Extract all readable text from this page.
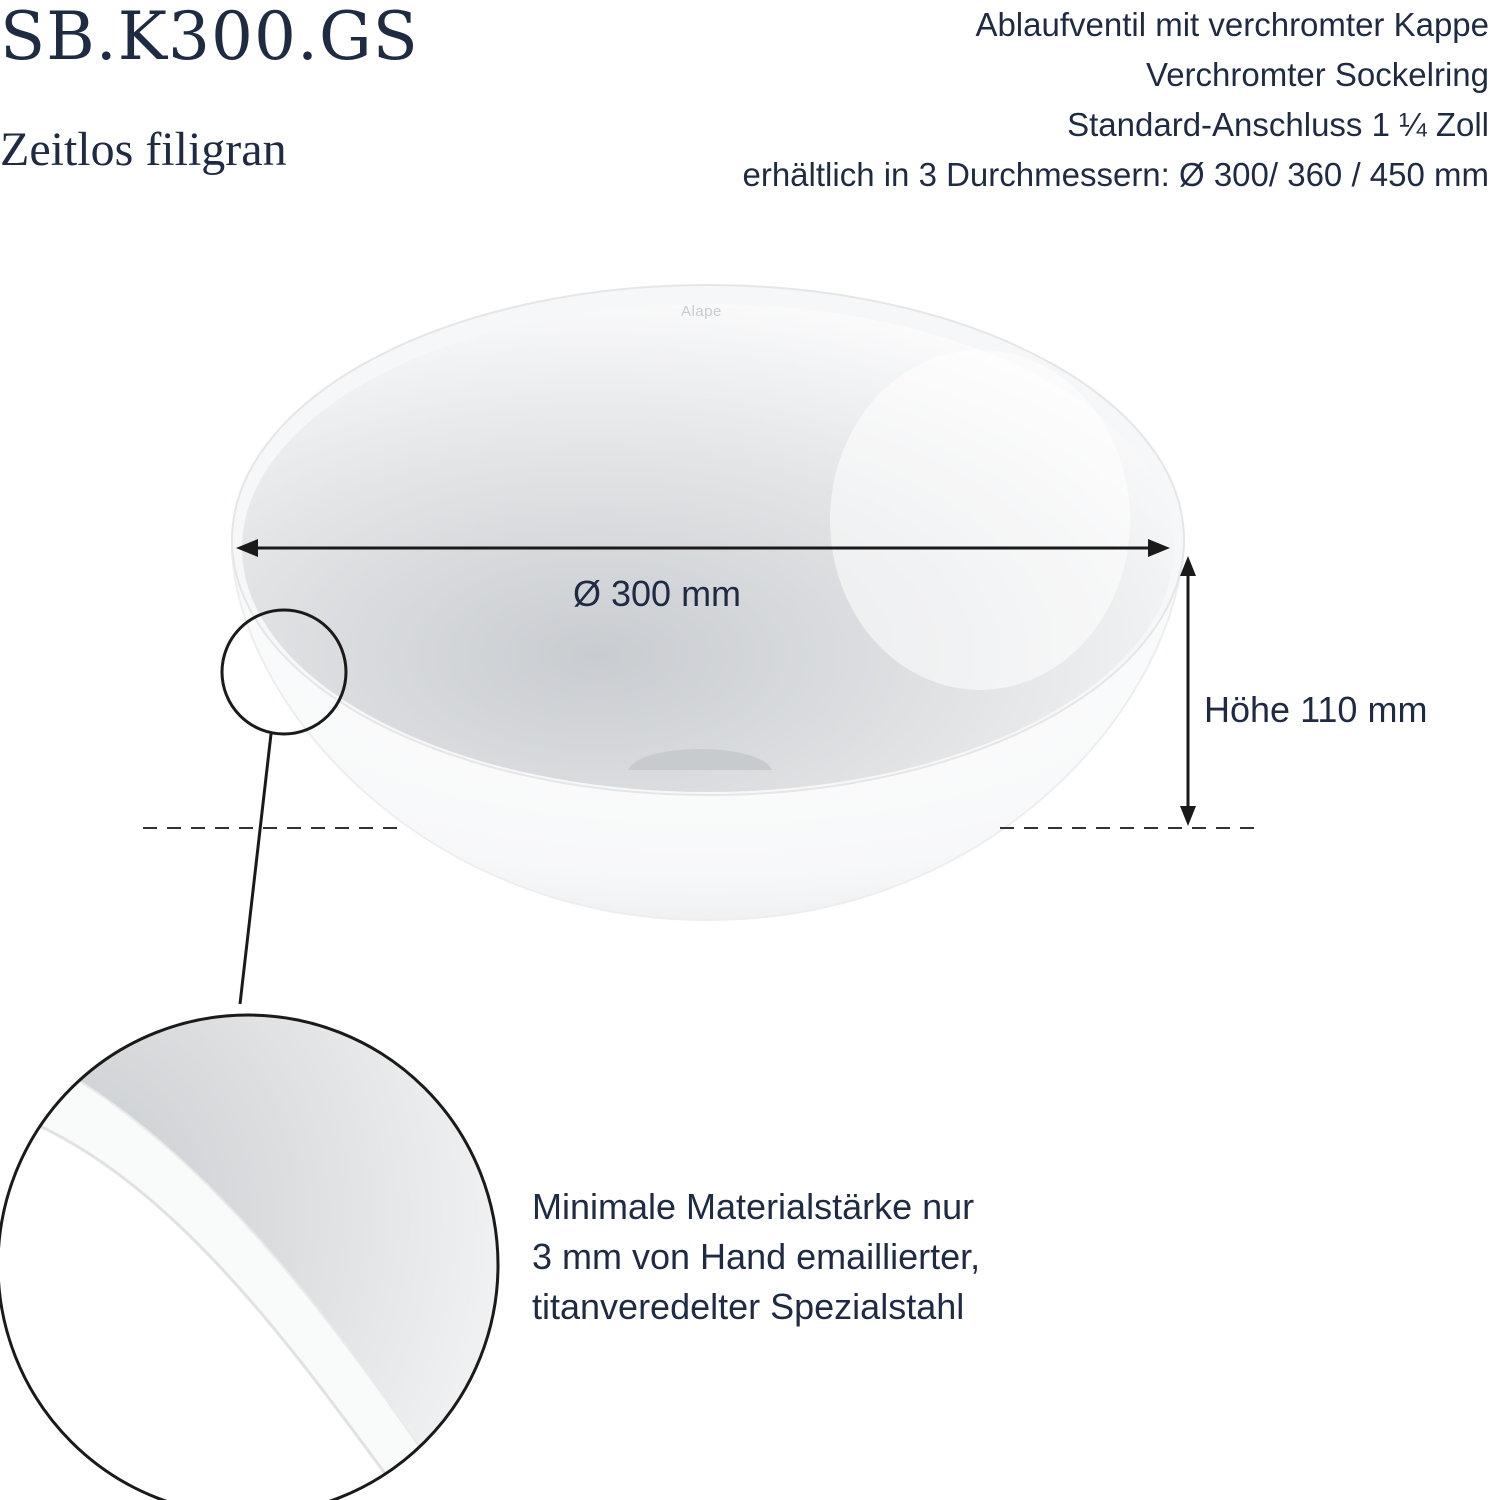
SB.K300.GS
Zeitlos filigran
Ablaufventil mit verchromter Kappe
Verchromter Sockelring
Standard-Anschluss 1 ¼ Zoll
erhältlich in 3 Durchmessern: Ø 300/ 360 / 450 mm
Alape
Ø 300 mm
Höhe 110 mm

Minimale Materialstärke nur
3 mm von Hand emaillierter,
titanveredelter Spezialstahl
